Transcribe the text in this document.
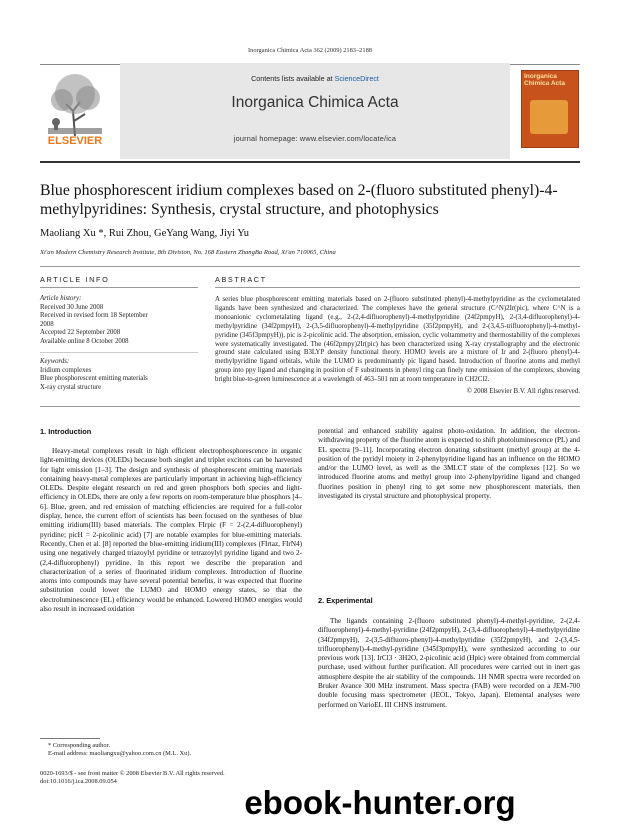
Inorganica Chimica Acta 362 (2009) 2183–2188
ELSEVIER
Contents lists available at ScienceDirect
Inorganica Chimica Acta
journal homepage: www.elsevier.com/locate/ica
Inorganica Chimica Acta
Blue phosphorescent iridium complexes based on 2-(fluoro substituted phenyl)-4-methylpyridines: Synthesis, crystal structure, and photophysics
Maoliang Xu *, Rui Zhou, GeYang Wang, Jiyi Yu
Xi'an Modern Chemistry Research Institute, 8th Division, No. 168 Eastern ZhangBa Road, Xi'an 710065, China
ARTICLE INFO
Article history:
Received 30 June 2008
Received in revised form 18 September
2008
Accepted 22 September 2008
Available online 8 October 2008
Keywords:
Iridium complexes
Blue phosphorescent emitting materials
X-ray crystal structure
ABSTRACT
A series blue phosphorescent emitting materials based on 2-(fluoro substituted phenyl)-4-methylpyridine as the cyclometalated ligands have been synthesized and characterized. The complexes have the general structure (C^N)2Ir(pic), where C^N is a monoanionic cyclometalating ligand (e.g., 2-(2,4-difluorophenyl)-4-methylpyridine (24f2pmpyH), 2-(3,4-difluorophenyl)-4-methylpyridine (34f2pmpyH), 2-(3,5-difluorophenyl)-4-methylpyridine (35f2pmpyH), and 2-(3,4,5-trifluorophenyl)-4-methyl-pyridine (345f3pmpyH)), pic is 2-picolinic acid. The absorption, emission, cyclic voltammetry and thermostability of the complexes were systematically investigated. The (46f2pmpy)2Ir(pic) has been characterized using X-ray crystallography and the electronic ground state calculated using B3LYP density functional theory. HOMO levels are a mixture of Ir and 2-(fluoro phenyl)-4-methylpyridine ligand orbitals, while the LUMO is predominantly pic ligand based. Introduction of fluorine atoms and methyl group into ppy ligand and changing in position of F substituents in phenyl ring can finely tune emission of the complexes, showing bright blue-to-green luminescence at a wavelength of 463–501 nm at room temperature in CH2Cl2.
© 2008 Elsevier B.V. All rights reserved.
1. Introduction

Heavy-metal complexes result in high efficient electrophosphorescence in organic light-emitting devices (OLEDs) because both singlet and triplet excitons can be harvested for light emission [1–3]. The design and synthesis of phosphorescent emitting materials containing heavy-metal complexes are particularly important in achieving high-efficiency OLEDs. Despite elegant research on red and green phosphors both species and light-efficiency in OLEDs, there are only a few reports on room-temperature blue phosphors [4–6]. Blue, green, and red emission of matching efficiencies are required for a full-color display, hence, the current effort of scientists has been focused on the syntheses of blue emitting iridium(III) based materials. The complex FIrpic (F = 2-(2,4-difluorophenyl) pyridine; picH = 2-picolinic acid) [7] are notable examples for blue-emitting materials. Recently, Chen et al. [8] reported the blue-emitting iridium(III) complexes (FIrtaz, FIrN4) using one negatively charged triazoylyl pyridine or tetrazoylyl pyridine ligand and two 2-(2,4-difluorophenyl) pyridine. In this report we describe the preparation and characterization of a series of fluorinated iridium complexes. Introduction of fluorine atoms into compounds may have several potential benefits, it was expected that fluorine substitution could lower the LUMO and HOMO energy states, so that the electroluminescence (EL) efficiency would be enhanced. Lowered HOMO energies would also result in increased oxidation

* Corresponding author.
E-mail address: maoliangxu@yahoo.com.cn (M.L. Xu).
0020-1693/$ - see front matter © 2008 Elsevier B.V. All rights reserved.
doi:10.1016/j.ica.2008.09.054

potential and enhanced stability against photo-oxidation. In addition, the electron-withdrawing property of the fluorine atom is expected to shift photoluminescence (PL) and EL spectra [9–11]. Incorporating electron donating substituent (methyl group) at the 4-position of the pyridyl moiety in 2-phenylpyridine ligand has an influence on the HOMO and/or the LUMO level, as well as the 3MLCT state of the complexes [12]. So we introduced fluorine atoms and methyl group into 2-phenylpyridine ligand and changed fluorines position in phenyl ring to get some new phosphorescent materials, then investigated its crystal structure and photophysical property.

2. Experimental

The ligands containing 2-(fluoro substituted phenyl)-4-methyl-pyridine, 2-(2,4-difluorophenyl)-4-methyl-pyridine (24f2pmpyH), 2-(3,4-difluorophenyl)-4-methylpyridine (34f2pmpyH), 2-(3,5-difluoro-phenyl)-4-methylpyridine (35f2pmpyH), and 2-(3,4,5-trifluorophenyl)-4-methyl-pyridine (345f3pmpyH), were synthesized according to our previous work [13]. IrCl3 · 3H2O, 2-picolinic acid (Hpic) were obtained from commercial purchase, used without further purification. All procedures were carried out in inert gas atmosphere despite the air stability of the compounds. 1H NMR spectra were recorded on Bruker Avance 300 MHz instrument. Mass spectra (FAB) were recorded on a JEM-700 double focusing mass spectrometer (JEOL, Tokyo, Japan). Elemental analyses were performed on VarioEL III CHNS instrument.

ebook-hunter.org
